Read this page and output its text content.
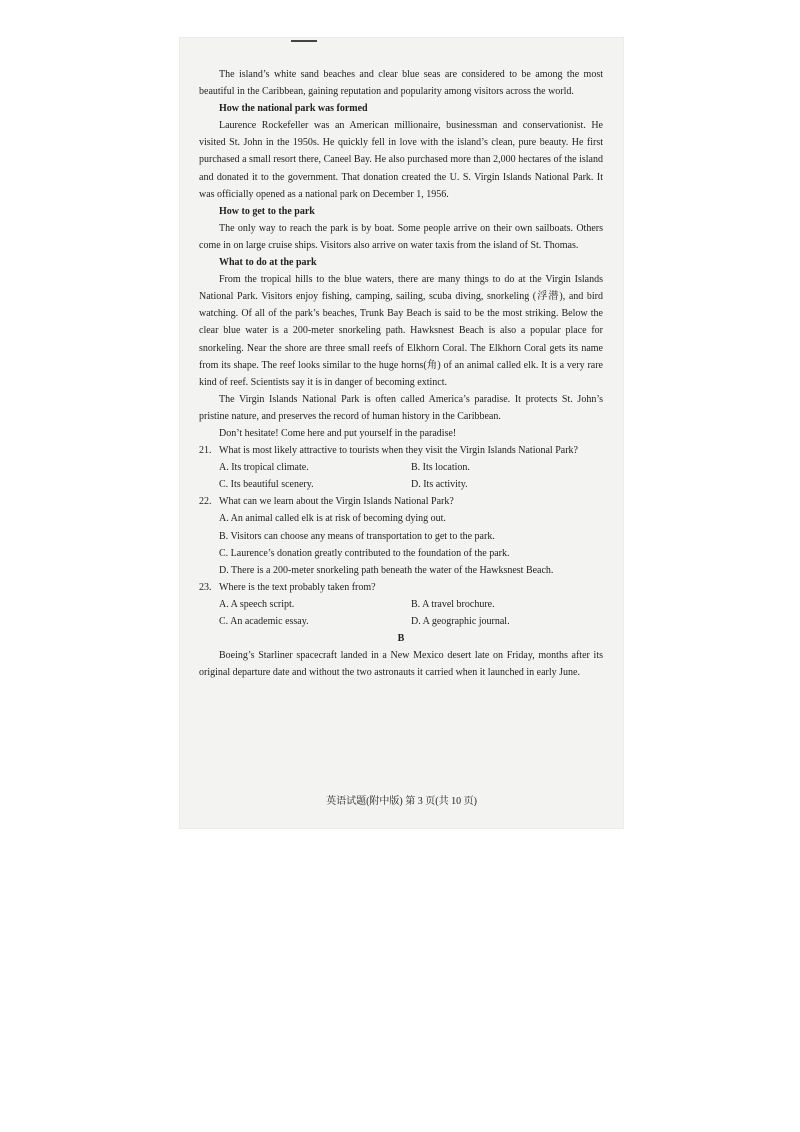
The island’s white sand beaches and clear blue seas are considered to be among the most beautiful in the Caribbean, gaining reputation and popularity among visitors across the world.

How the national park was formed

Laurence Rockefeller was an American millionaire, businessman and conservationist. He visited St. John in the 1950s. He quickly fell in love with the island’s clean, pure beauty. He first purchased a small resort there, Caneel Bay. He also purchased more than 2,000 hectares of the island and donated it to the government. That donation created the U. S. Virgin Islands National Park. It was officially opened as a national park on December 1, 1956.

How to get to the park

The only way to reach the park is by boat. Some people arrive on their own sailboats. Others come in on large cruise ships. Visitors also arrive on water taxis from the island of St. Thomas.

What to do at the park

From the tropical hills to the blue waters, there are many things to do at the Virgin Islands National Park. Visitors enjoy fishing, camping, sailing, scuba diving, snorkeling (浮潜), and bird watching. Of all of the park’s beaches, Trunk Bay Beach is said to be the most striking. Below the clear blue water is a 200-meter snorkeling path. Hawksnest Beach is also a popular place for snorkeling. Near the shore are three small reefs of Elkhorn Coral. The Elkhorn Coral gets its name from its shape. The reef looks similar to the huge horns(角) of an animal called elk. It is a very rare kind of reef. Scientists say it is in danger of becoming extinct.

The Virgin Islands National Park is often called America’s paradise. It protects St. John’s pristine nature, and preserves the record of human history in the Caribbean.

Don’t hesitate! Come here and put yourself in the paradise!

21. What is most likely attractive to tourists when they visit the Virgin Islands National Park?
A. Its tropical climate.	B. Its location.
C. Its beautiful scenery.	D. Its activity.
22. What can we learn about the Virgin Islands National Park?
A. An animal called elk is at risk of becoming dying out.
B. Visitors can choose any means of transportation to get to the park.
C. Laurence’s donation greatly contributed to the foundation of the park.
D. There is a 200-meter snorkeling path beneath the water of the Hawksnest Beach.
23. Where is the text probably taken from?
A. A speech script.	B. A travel brochure.
C. An academic essay.	D. A geographic journal.
B

Boeing’s Starliner spacecraft landed in a New Mexico desert late on Friday, months after its original departure date and without the two astronauts it carried when it launched in early June.

英语试题(附中版) 第 3 页(共 10 页)
